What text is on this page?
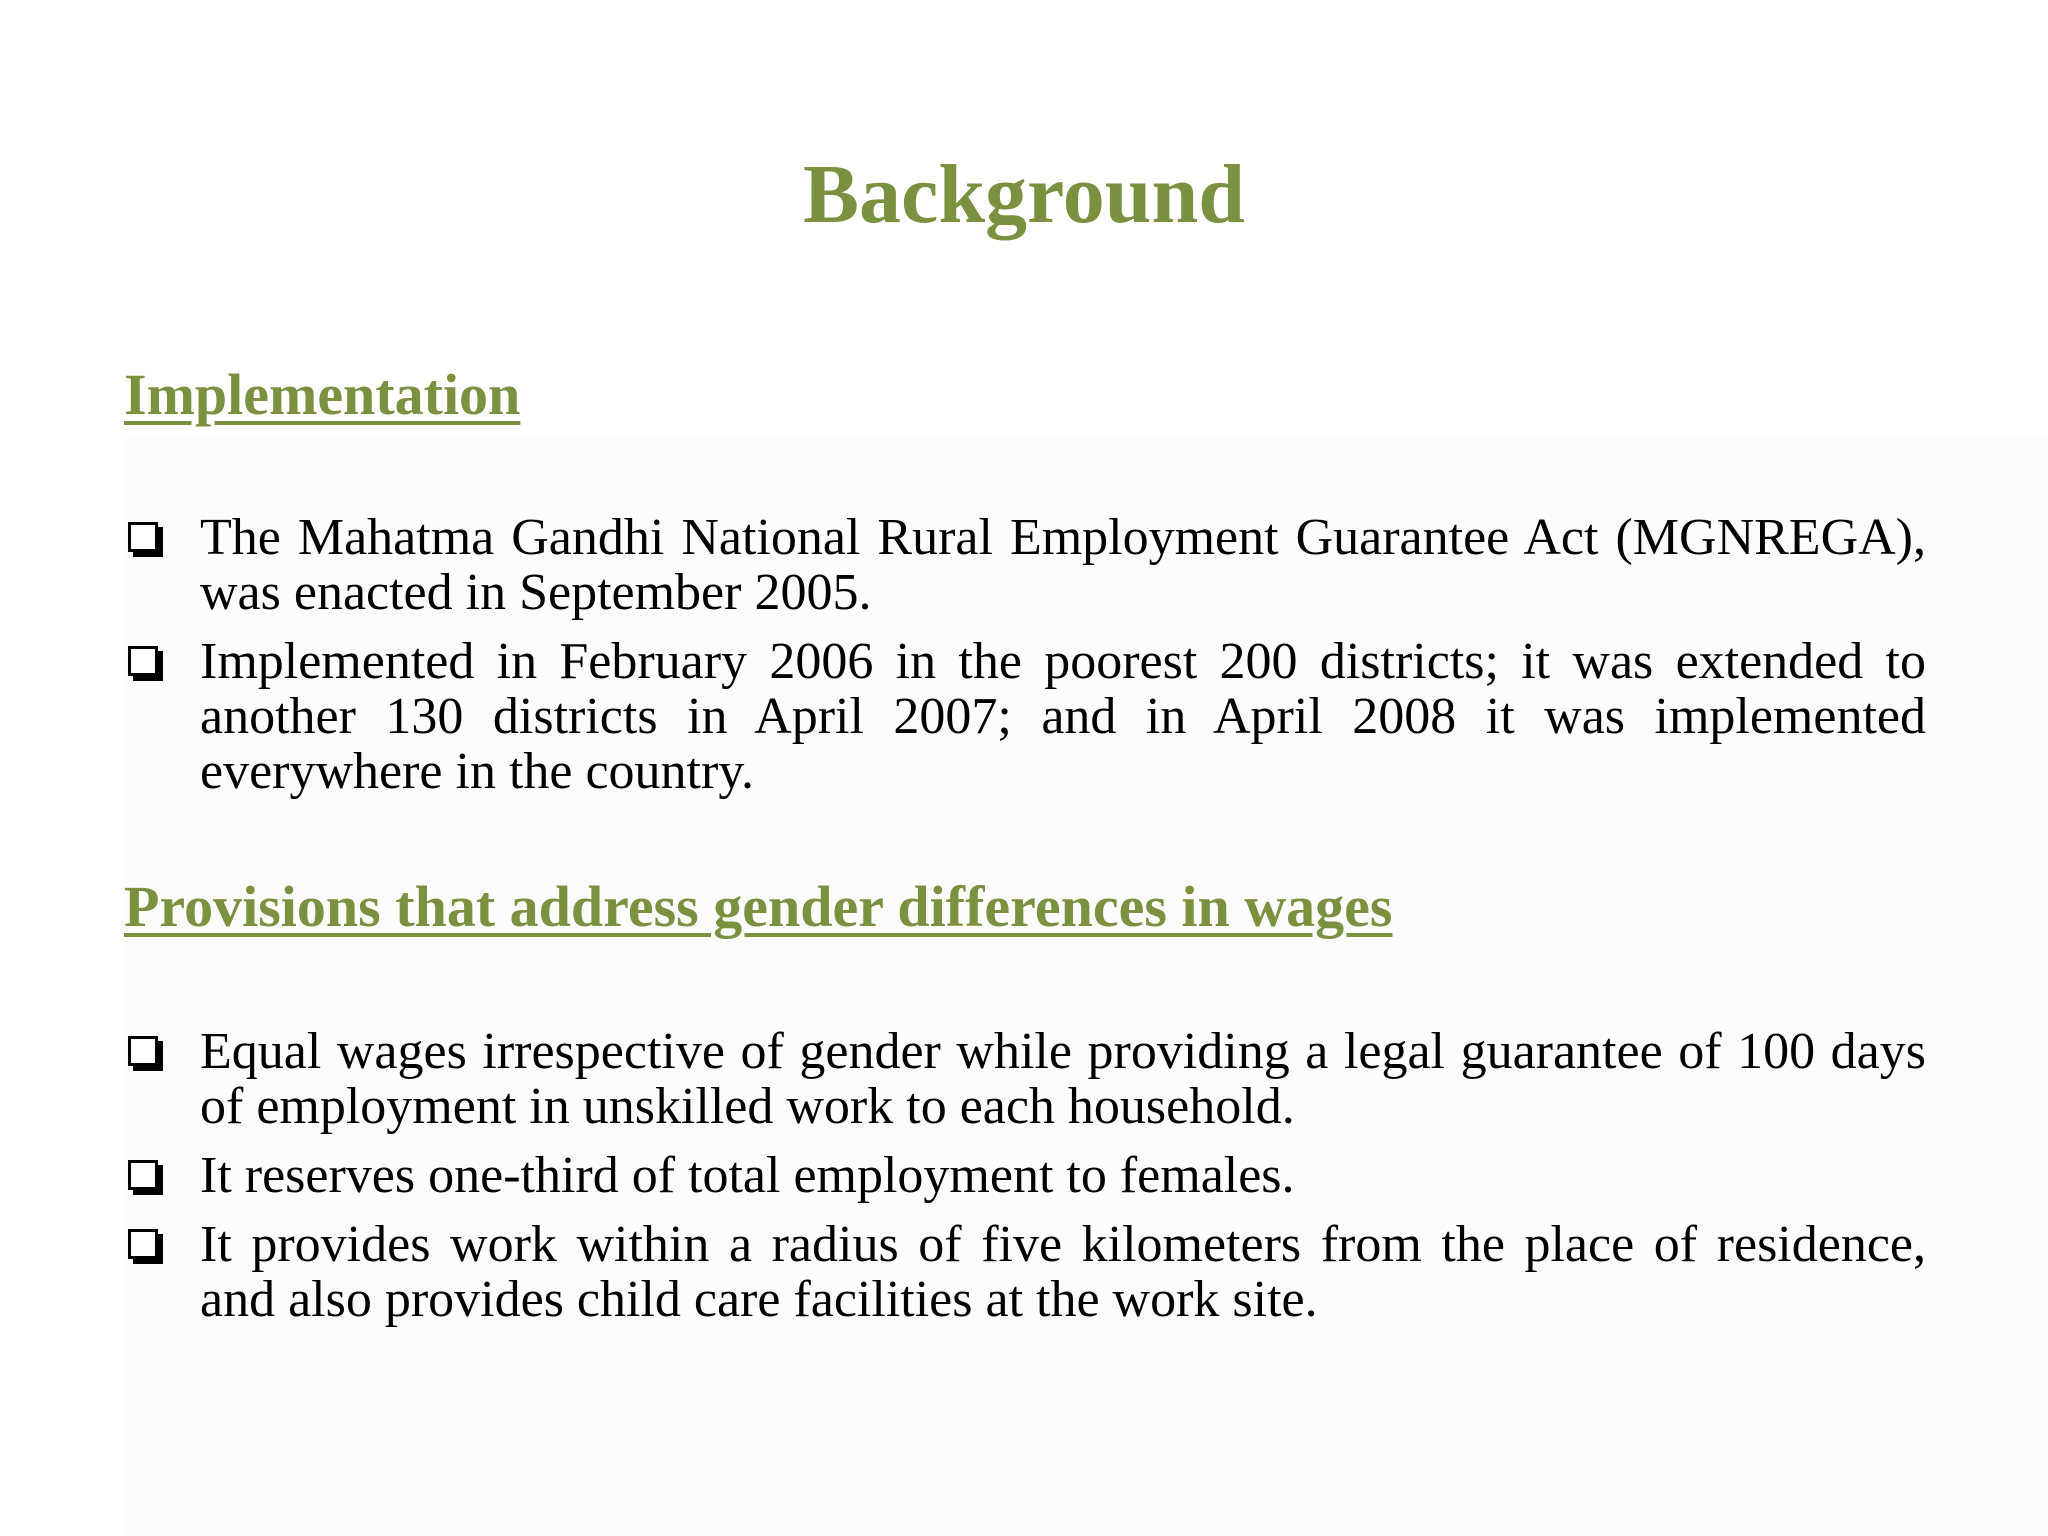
Background
Implementation
The Mahatma Gandhi National Rural Employment Guarantee Act (MGNREGA), was enacted in September 2005.
Implemented in February 2006 in the poorest 200 districts; it was extended to another 130 districts in April 2007; and in April 2008 it was implemented everywhere in the country.
Provisions that address gender differences in wages
Equal wages irrespective of gender while providing a legal guarantee of 100 days of employment in unskilled work to each household.
It reserves one-third of total employment to females.
It provides work within a radius of five kilometers from the place of residence, and also provides child care facilities at the work site.
